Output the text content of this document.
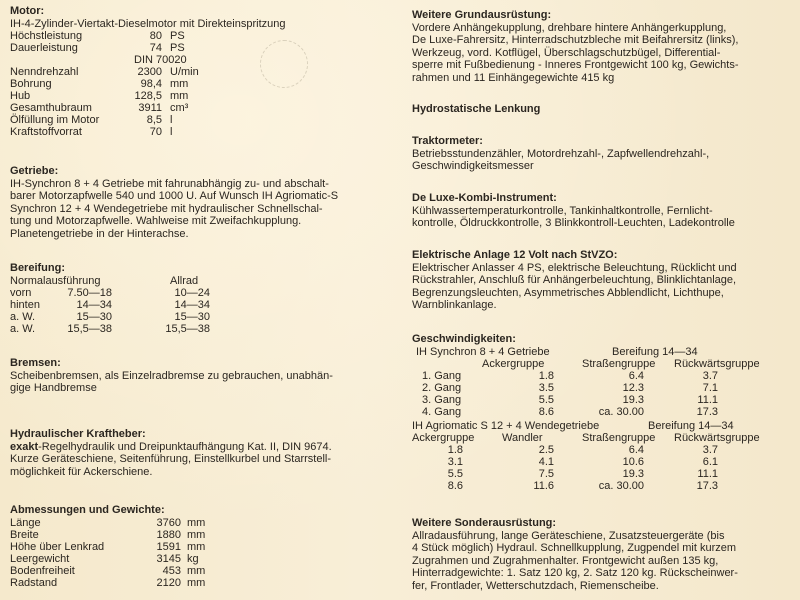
Motor:
IH-4-Zylinder-Viertakt-Dieselmotor mit Direkteinspritzung
Höchstleistung	80 PS
Dauerleistung	74 PS
DIN 70020
Nenndrehzahl	2300 U/min
Bohrung	98,4 mm
Hub	128,5 mm
Gesamthubraum	3911 cm³
Ölfüllung im Motor	8,5 l
Kraftstoffvorrat	70 l
Getriebe:
IH-Synchron 8 + 4 Getriebe mit fahrunabhängig zu- und abschalt-
barer Motorzapfwelle 540 und 1000 U. Auf Wunsch IH Agriomatic-S
Synchron 12 + 4 Wendegetriebe mit hydraulischer Schnellschal-
tung und Motorzapfwelle. Wahlweise mit Zweifachkupplung.
Planetengetriebe in der Hinterachse.
Bereifung:
Normalausführung	Allrad
vorn	7.50—18	10—24
hinten	14—34	14—34
a. W.	15—30	15—30
a. W.	15,5—38	15,5—38
Bremsen:
Scheibenbremsen, als Einzelradbremse zu gebrauchen, unabhän-
gige Handbremse
Hydraulischer Kraftheber:
exakt-Regelhydraulik und Dreipunktaufhängung Kat. II, DIN 9674.
Kurze Geräteschiene, Seitenführung, Einstellkurbel und Starrstell-
möglichkeit für Ackerschiene.
Abmessungen und Gewichte:
Länge	3760 mm
Breite	1880 mm
Höhe über Lenkrad	1591 mm
Leergewicht	3145 kg
Bodenfreiheit	453 mm
Radstand	2120 mm
Weitere Grundausrüstung:
Vordere Anhängekupplung, drehbare hintere Anhängerkupplung,
De Luxe-Fahrersitz, Hinterradschutzbleche mit Beifahrersitz (links),
Werkzeug, vord. Kotflügel, Überschlagschutzbügel, Differential-
sperre mit Fußbedienung - Inneres Frontgewicht 100 kg, Gewichts-
rahmen und 11 Einhängegewichte 415 kg
Hydrostatische Lenkung
Traktormeter:
Betriebsstundenzähler, Motordrehzahl-, Zapfwellendrehzahl-,
Geschwindigkeitsmesser
De Luxe-Kombi-Instrument:
Kühlwassertemperaturkontrolle, Tankinhaltkontrolle, Fernlicht-
kontrolle, Öldruckkontrolle, 3 Blinkkontroll-Leuchten, Ladekontrolle
Elektrische Anlage 12 Volt nach StVZO:
Elektrischer Anlasser 4 PS, elektrische Beleuchtung, Rücklicht und
Rückstrahler, Anschluß für Anhängerbeleuchtung, Blinklichtanlage,
Begrenzungsleuchten, Asymmetrisches Abblendlicht, Lichthupe,
Warnblinkanlage.
Geschwindigkeiten:
IH Synchron 8 + 4 Getriebe	Bereifung 14—34
Ackergruppe	Straßengruppe Rückwärtsgruppe
1. Gang	1.8	6.4	3.7
2. Gang	3.5	12.3	7.1
3. Gang	5.5	19.3	11.1
4. Gang	8.6	ca. 30.00	17.3
IH Agriomatic S 12 + 4 Wendegetriebe	Bereifung 14—34
Ackergruppe	Wandler	Straßengruppe Rückwärtsgruppe
1.8	2.5	6.4	3.7
3.1	4.1	10.6	6.1
5.5	7.5	19.3	11.1
8.6	11.6	ca. 30.00	17.3
Weitere Sonderausrüstung:
Allradausführung, lange Geräteschiene, Zusatzsteuergeräte (bis
4 Stück möglich) Hydraul. Schnellkupplung, Zugpendel mit kurzem
Zugrahmen und Zugrahmenhalter. Frontgewicht außen 135 kg,
Hinterradgewichte: 1. Satz 120 kg, 2. Satz 120 kg. Rückscheinwer-
fer, Frontlader, Wetterschutzdach, Riemenscheibe.
